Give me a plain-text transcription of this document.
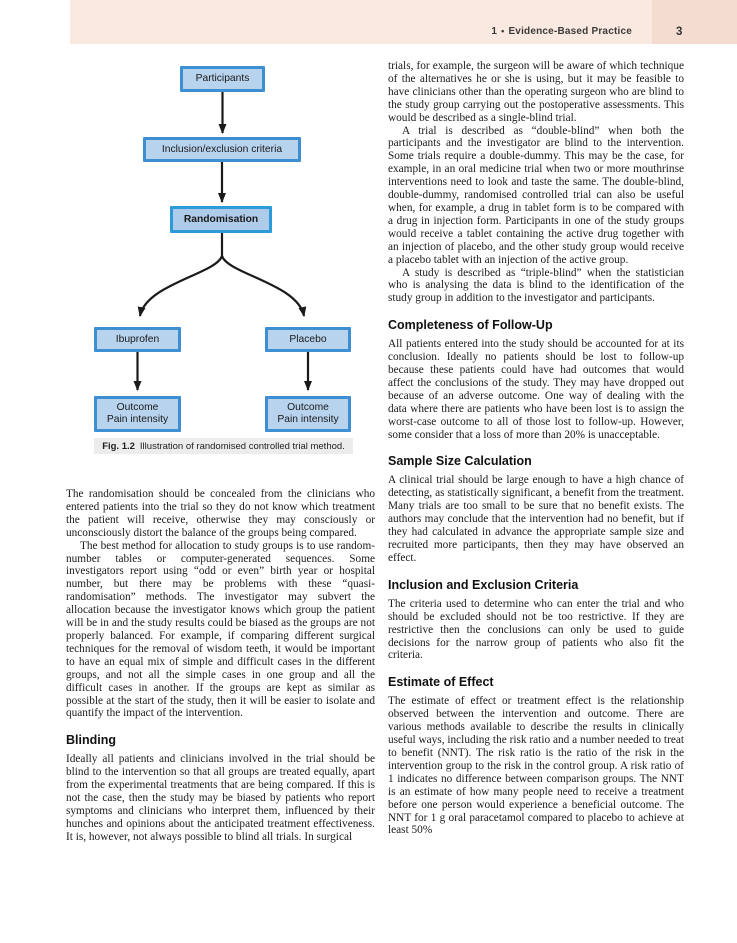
1 • Evidence-Based Practice	3
Participants
Inclusion/exclusion criteria
Randomisation
Ibuprofen	Placebo
Outcome
Pain intensity
Outcome
Pain intensity
Fig. 1.2 Illustration of randomised controlled trial method.

The randomisation should be concealed from the clinicians who entered patients into the trial so they do not know which treatment the patient will receive, otherwise they may consciously or unconsciously distort the balance of the groups being compared.

The best method for allocation to study groups is to use random-number tables or computer-generated sequences. Some investigators report using “odd or even” birth year or hospital number, but there may be problems with these “quasi-randomisation” methods. The investigator may subvert the allocation because the investigator knows which group the patient will be in and the study results could be biased as the groups are not properly balanced. For example, if comparing different surgical techniques for the removal of wisdom teeth, it would be important to have an equal mix of simple and difficult cases in the different groups, and not all the simple cases in one group and all the difficult cases in another. If the groups are kept as similar as possible at the start of the study, then it will be easier to isolate and quantify the impact of the intervention.

Blinding

Ideally all patients and clinicians involved in the trial should be blind to the intervention so that all groups are treated equally, apart from the experimental treatments that are being compared. If this is not the case, then the study may be biased by patients who report symptoms and clinicians who interpret them, influenced by their hunches and opinions about the anticipated treatment effectiveness. It is, however, not always possible to blind all trials. In surgical

trials, for example, the surgeon will be aware of which technique of the alternatives he or she is using, but it may be feasible to have clinicians other than the operating surgeon who are blind to the study group carrying out the postoperative assessments. This would be described as a single-blind trial.

A trial is described as “double-blind” when both the participants and the investigator are blind to the intervention. Some trials require a double-dummy. This may be the case, for example, in an oral medicine trial when two or more mouthrinse interventions need to look and taste the same. The double-blind, double-dummy, randomised controlled trial can also be useful when, for example, a drug in tablet form is to be compared with a drug in injection form. Participants in one of the study groups would receive a tablet containing the active drug together with an injection of placebo, and the other study group would receive a placebo tablet with an injection of the active group.

A study is described as “triple-blind” when the statistician who is analysing the data is blind to the identification of the study group in addition to the investigator and participants.

Completeness of Follow-Up

All patients entered into the study should be accounted for at its conclusion. Ideally no patients should be lost to follow-up because these patients could have had outcomes that would affect the conclusions of the study. They may have dropped out because of an adverse outcome. One way of dealing with the data where there are patients who have been lost is to assign the worst-case outcome to all of those lost to follow-up. However, some consider that a loss of more than 20% is unacceptable.

Sample Size Calculation

A clinical trial should be large enough to have a high chance of detecting, as statistically significant, a benefit from the treatment. Many trials are too small to be sure that no benefit exists. The authors may conclude that the intervention had no benefit, but if they had calculated in advance the appropriate sample size and recruited more participants, then they may have observed an effect.

Inclusion and Exclusion Criteria

The criteria used to determine who can enter the trial and who should be excluded should not be too restrictive. If they are restrictive then the conclusions can only be used to guide decisions for the narrow group of patients who also fit the criteria.

Estimate of Effect

The estimate of effect or treatment effect is the relationship observed between the intervention and outcome. There are various methods available to describe the results in clinically useful ways, including the risk ratio and a number needed to treat to benefit (NNT). The risk ratio is the ratio of the risk in the intervention group to the risk in the control group. A risk ratio of 1 indicates no difference between comparison groups. The NNT is an estimate of how many people need to receive a treatment before one person would experience a beneficial outcome. The NNT for 1 g oral paracetamol compared to placebo to achieve at least 50%
